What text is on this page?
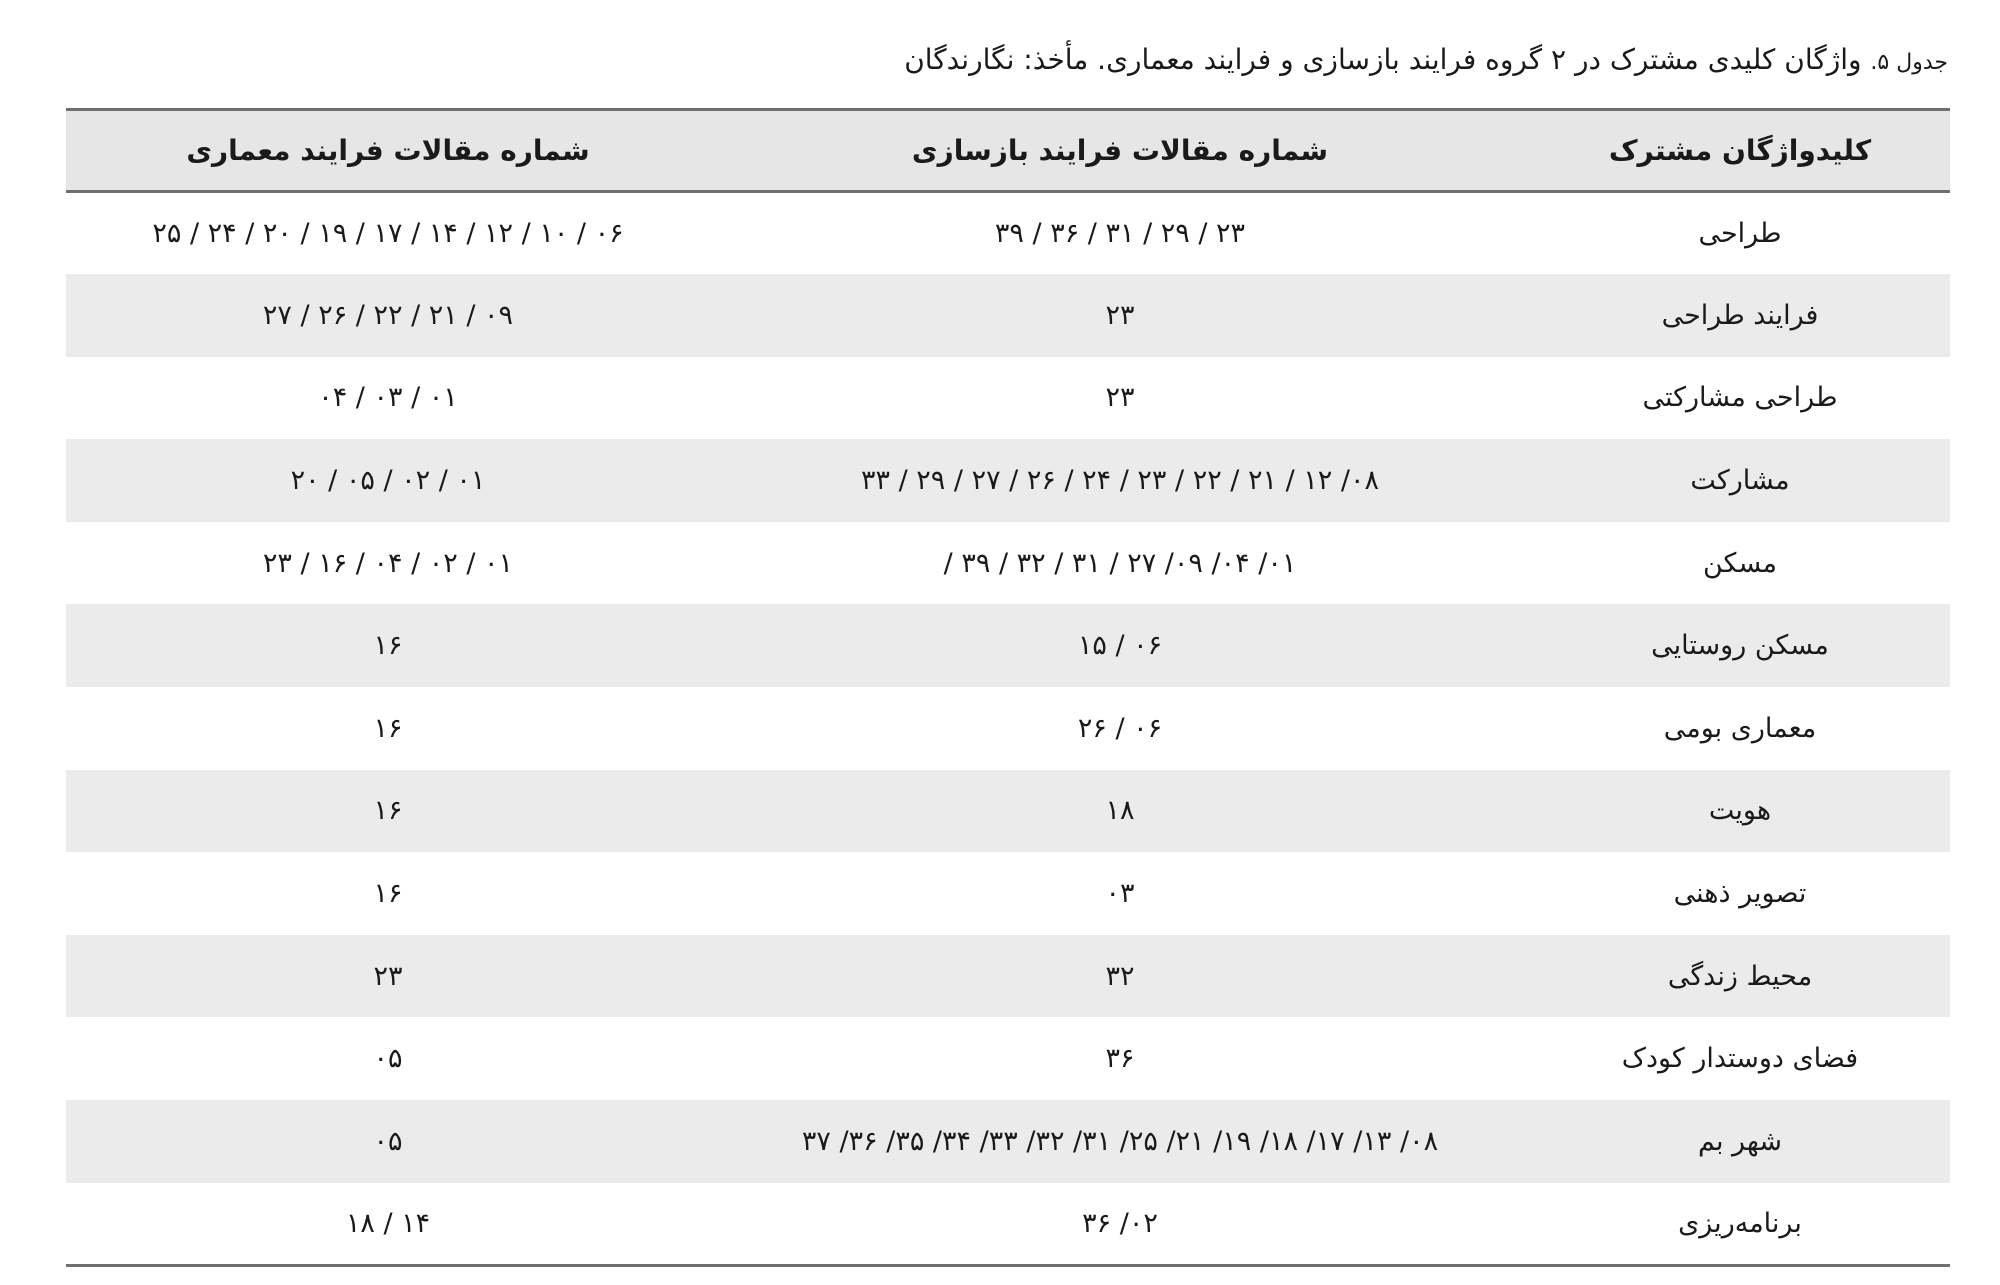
جدول ۵. واژگان کلیدی مشترک در ۲ گروه فرایند بازسازی و فرایند معماری. مأخذ: نگارندگان
کلیدواژگان مشترک	شماره مقالات فرایند بازسازی	شماره مقالات فرایند معماری
طراحی	۲۳ / ۲۹ / ۳۱ / ۳۶ / ۳۹	۰۶ / ۱۰ / ۱۲ / ۱۴ / ۱۷ / ۱۹ / ۲۰ / ۲۴ / ۲۵
فرایند طراحی	۲۳	۰۹ / ۲۱ / ۲۲ / ۲۶ / ۲۷
طراحی مشارکتی	۲۳	۰۱ / ۰۳ / ۰۴
مشارکت	۰۸/ ۱۲ / ۲۱ / ۲۲ / ۲۳ / ۲۴ / ۲۶ / ۲۷ / ۲۹ / ۳۳	۰۱ / ۰۲ / ۰۵ / ۲۰
مسکن	۰۱/ ۰۴/ ۰۹/ ۲۷ / ۳۱ / ۳۲ / ۳۹ /	۰۱ / ۰۲ / ۰۴ / ۱۶ / ۲۳
مسکن روستایی	۰۶ / ۱۵	۱۶
معماری بومی	۰۶ / ۲۶	۱۶
هویت	۱۸	۱۶
تصویر ذهنی	۰۳	۱۶
محیط زندگی	۳۲	۲۳
فضای دوستدار کودک	۳۶	۰۵
شهر بم	۰۸/ ۱۳/ ۱۷/ ۱۸/ ۱۹/ ۲۱/ ۲۵/ ۳۱/ ۳۲/ ۳۳/ ۳۴/ ۳۵/ ۳۶/ ۳۷	۰۵
برنامه‌ریزی	۰۲/ ۳۶	۱۴ / ۱۸
